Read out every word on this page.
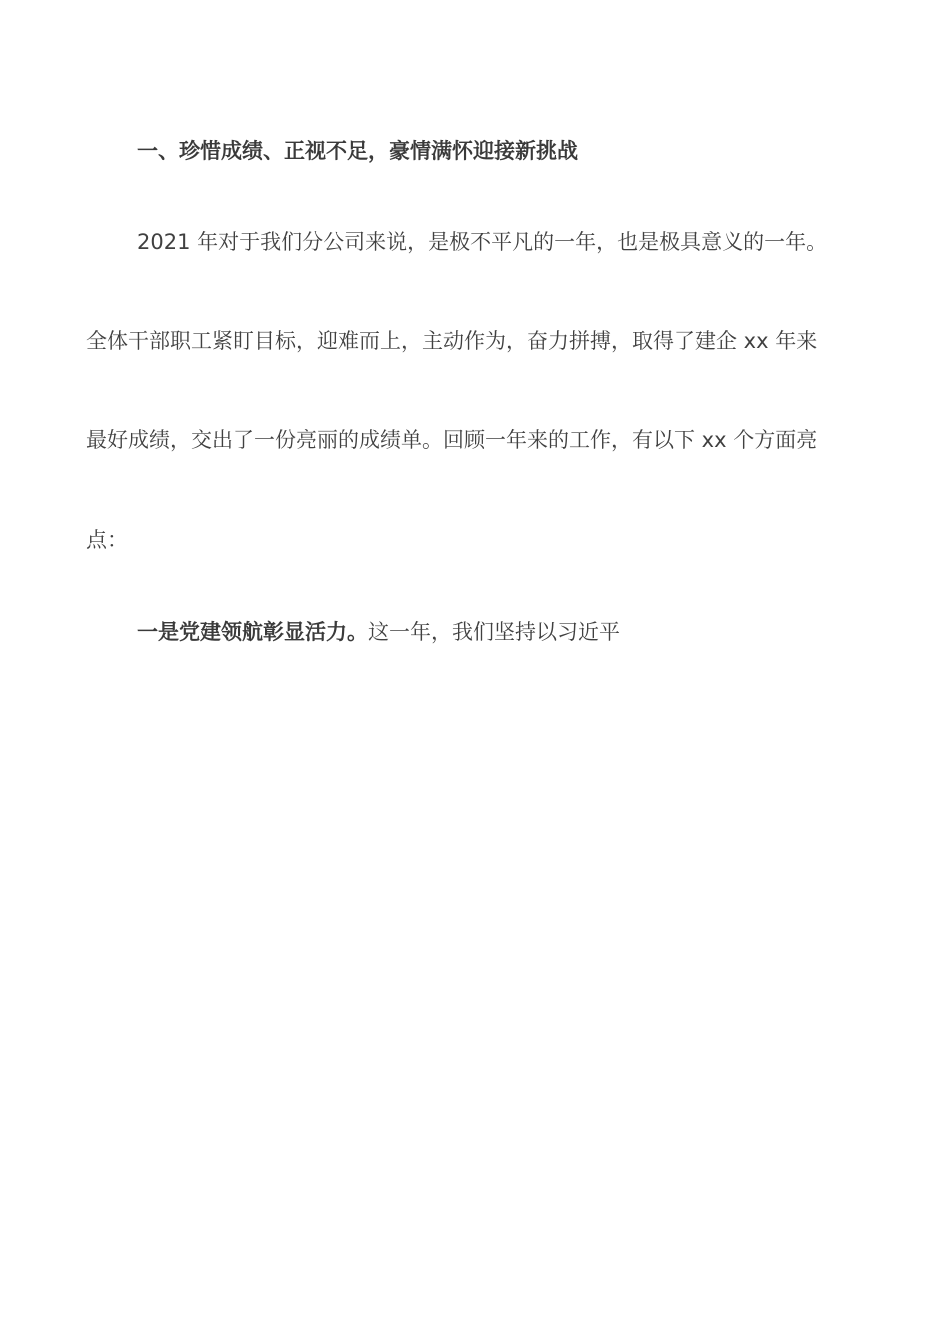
一、珍惜成绩、正视不足，豪情满怀迎接新挑战
2021 年对于我们分公司来说，是极不平凡的一年，也是极具意义的一年。
全体干部职工紧盯目标，迎难而上，主动作为，奋力拼搏，取得了建企 xx 年来
最好成绩，交出了一份亮丽的成绩单。回顾一年来的工作，有以下 xx 个方面亮
点：
一是党建领航彰显活力。这一年，我们坚持以习近平
